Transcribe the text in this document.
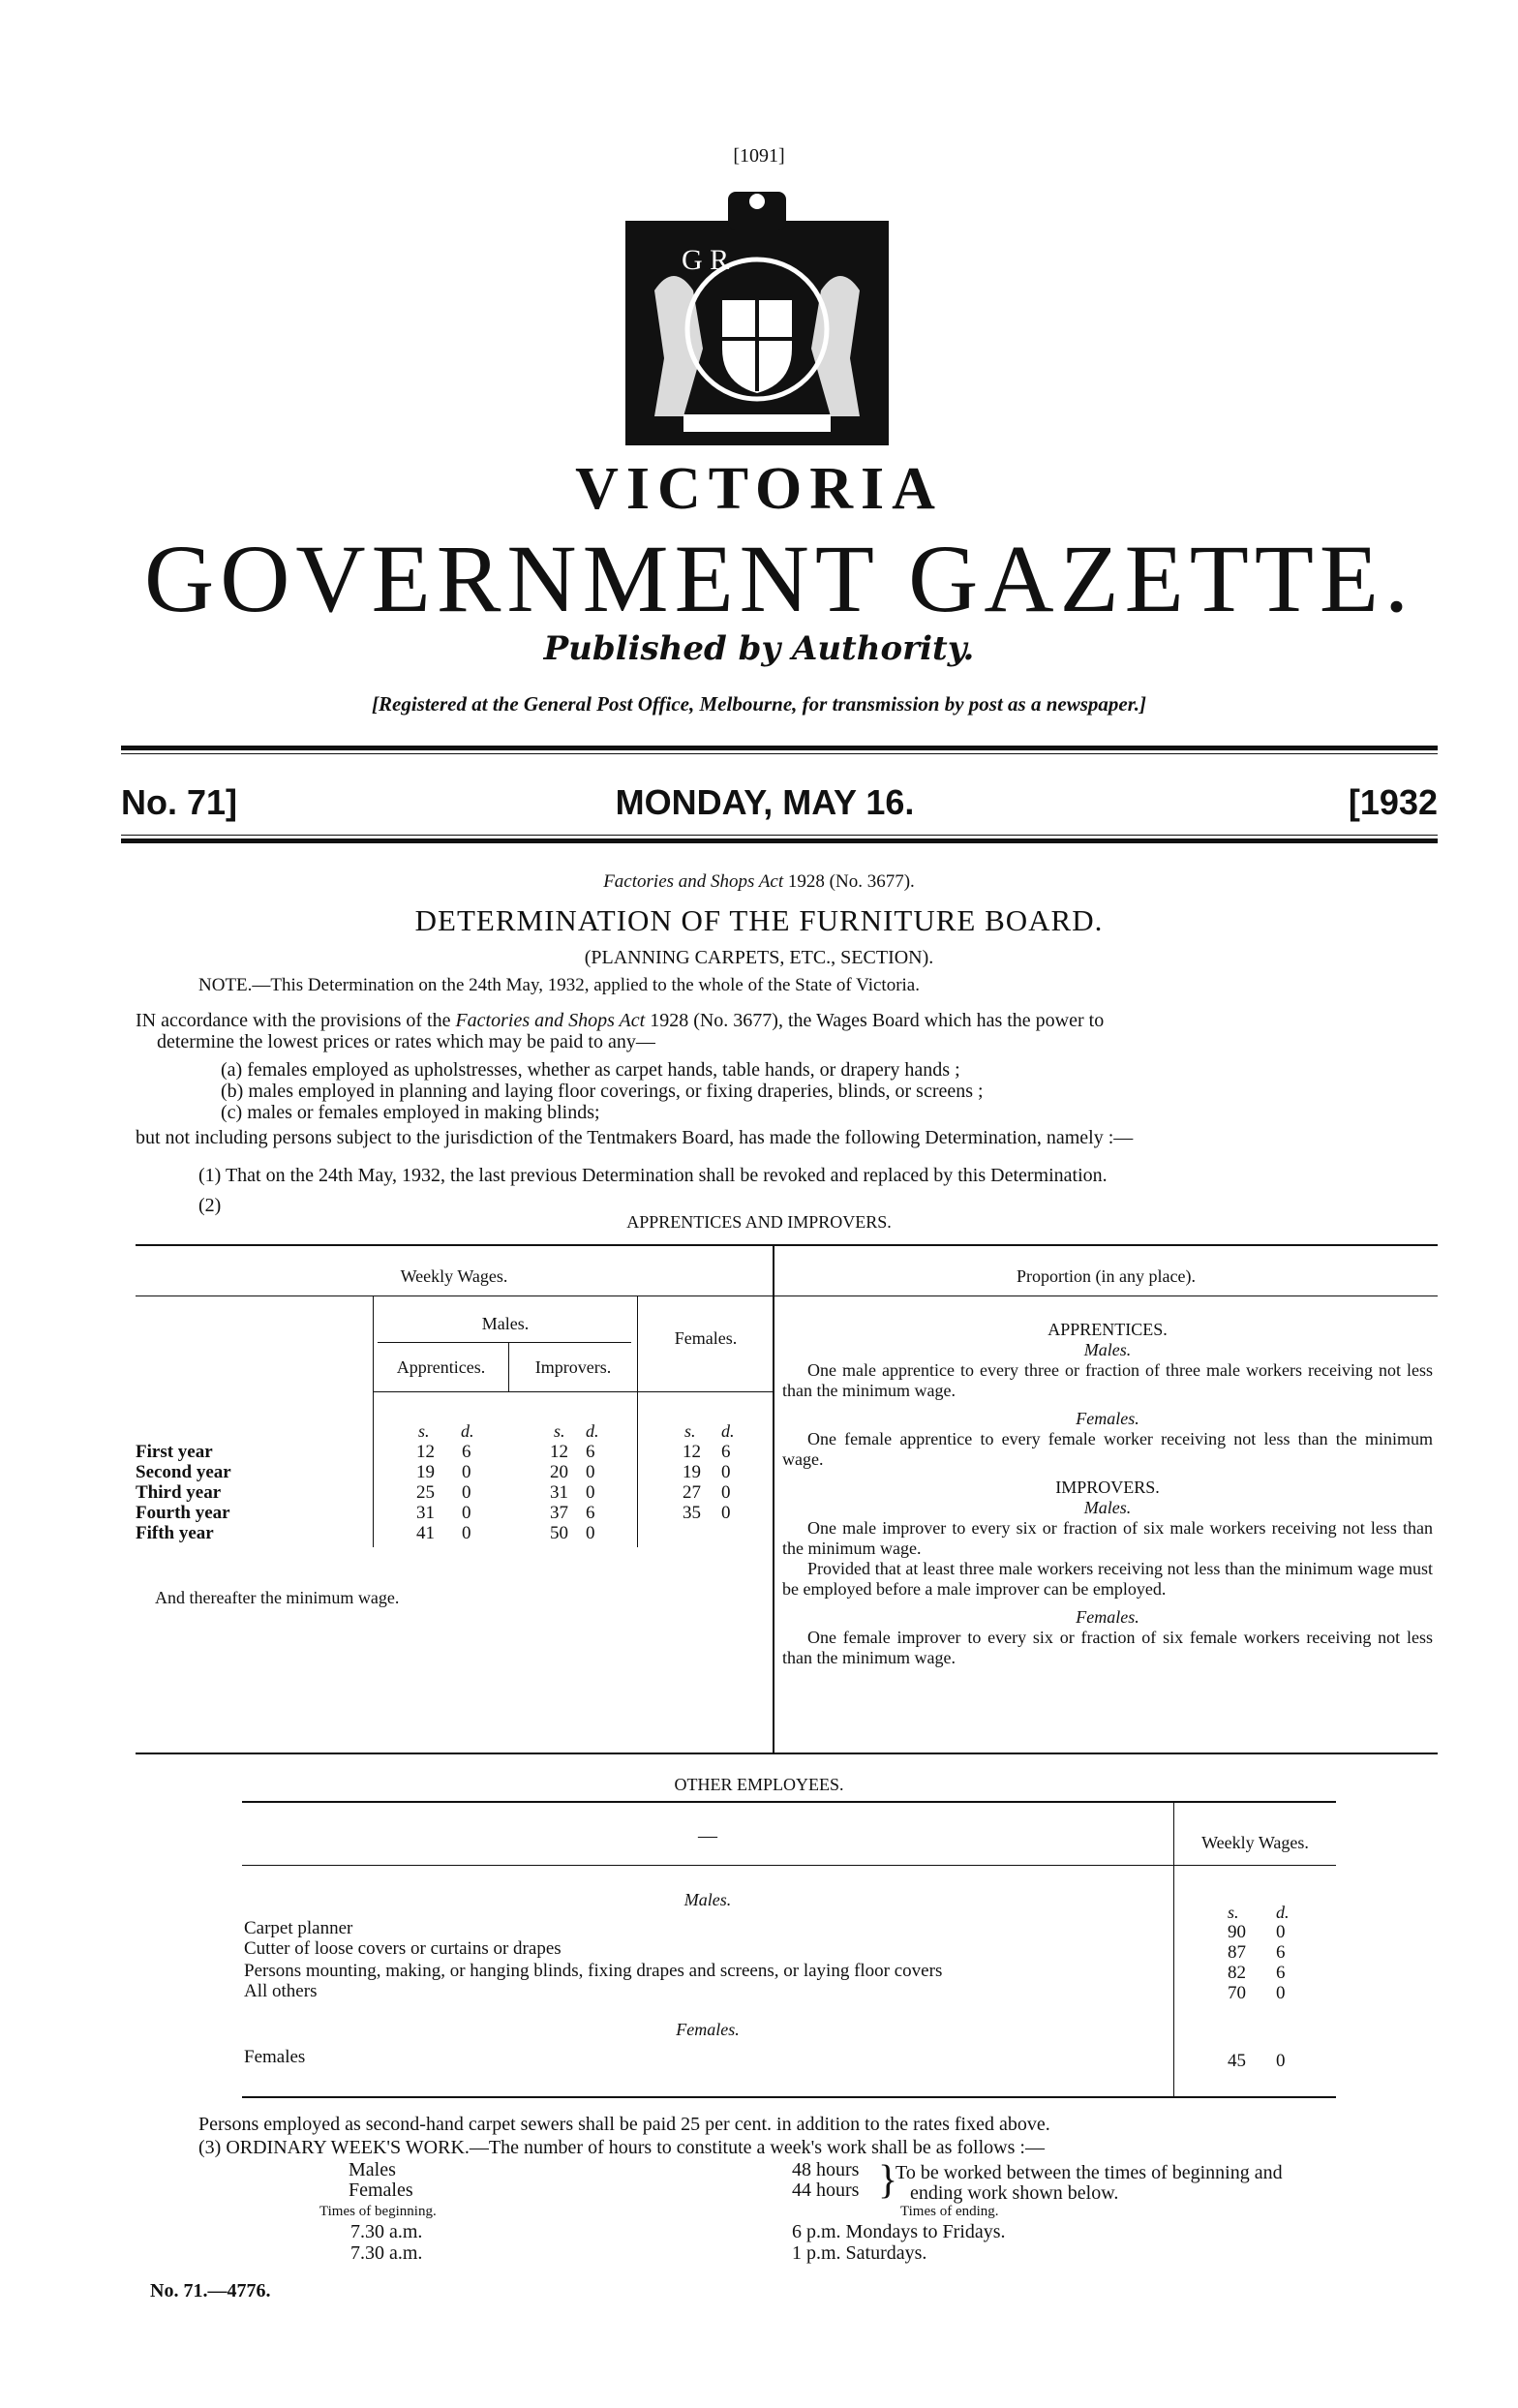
[1091]
G R
VICTORIA
GOVERNMENT GAZETTE.
Published by Authority.
[Registered at the General Post Office, Melbourne, for transmission by post as a newspaper.]
No. 71]	MONDAY, MAY 16.	[1932
Factories and Shops Act 1928 (No. 3677).
DETERMINATION OF THE FURNITURE BOARD.
(PLANNING CARPETS, ETC., SECTION).
NOTE.—This Determination on the 24th May, 1932, applied to the whole of the State of Victoria.
IN accordance with the provisions of the Factories and Shops Act 1928 (No. 3677), the Wages Board which has the power to
determine the lowest prices or rates which may be paid to any—
(a) females employed as upholstresses, whether as carpet hands, table hands, or drapery hands ;
(b) males employed in planning and laying floor coverings, or fixing draperies, blinds, or screens ;
(c) males or females employed in making blinds;
but not including persons subject to the jurisdiction of the Tentmakers Board, has made the following Determination, namely :—
(1) That on the 24th May, 1932, the last previous Determination shall be revoked and replaced by this Determination.
(2)
APPRENTICES AND IMPROVERS.
Weekly Wages.	Proportion (in any place).
Males.
Apprentices.	Improvers.
Females.
s. d.	s. d.	s. d.
First year	12 6	12 6	12 6
Second year	19 0	20 0	19 0
Third year	25 0	31 0	27 0
Fourth year	31 0	37 6	35 0
Fifth year	41 0	50 0
And thereafter the minimum wage.
APPRENTICES.
Males.
One male apprentice to every three or fraction of three male workers receiving not less than the minimum wage.
Females.
One female apprentice to every female worker receiving not less than the minimum wage.
IMPROVERS.
Males.
One male improver to every six or fraction of six male workers receiving not less than the minimum wage.
Provided that at least three male workers receiving not less than the minimum wage must be employed before a male improver can be employed.
Females.
One female improver to every six or fraction of six female workers receiving not less than the minimum wage.
OTHER EMPLOYEES.
—	Weekly Wages.
Males.
s. d.
Carpet planner	90 0
Cutter of loose covers or curtains or drapes	87 6
Persons mounting, making, or hanging blinds, fixing drapes and screens, or laying floor covers	82 6
All others	70 0
Females.
Females	45 0
Persons employed as second-hand carpet sewers shall be paid 25 per cent. in addition to the rates fixed above.
(3) ORDINARY WEEK'S WORK.—The number of hours to constitute a week's work shall be as follows :—
Males	48 hours
Females	44 hours }
To be worked between the times of beginning and
ending work shown below.
Times of beginning.	Times of ending.
7.30 a.m.	6 p.m. Mondays to Fridays.
7.30 a.m.	1 p.m. Saturdays.
No. 71.—4776.
